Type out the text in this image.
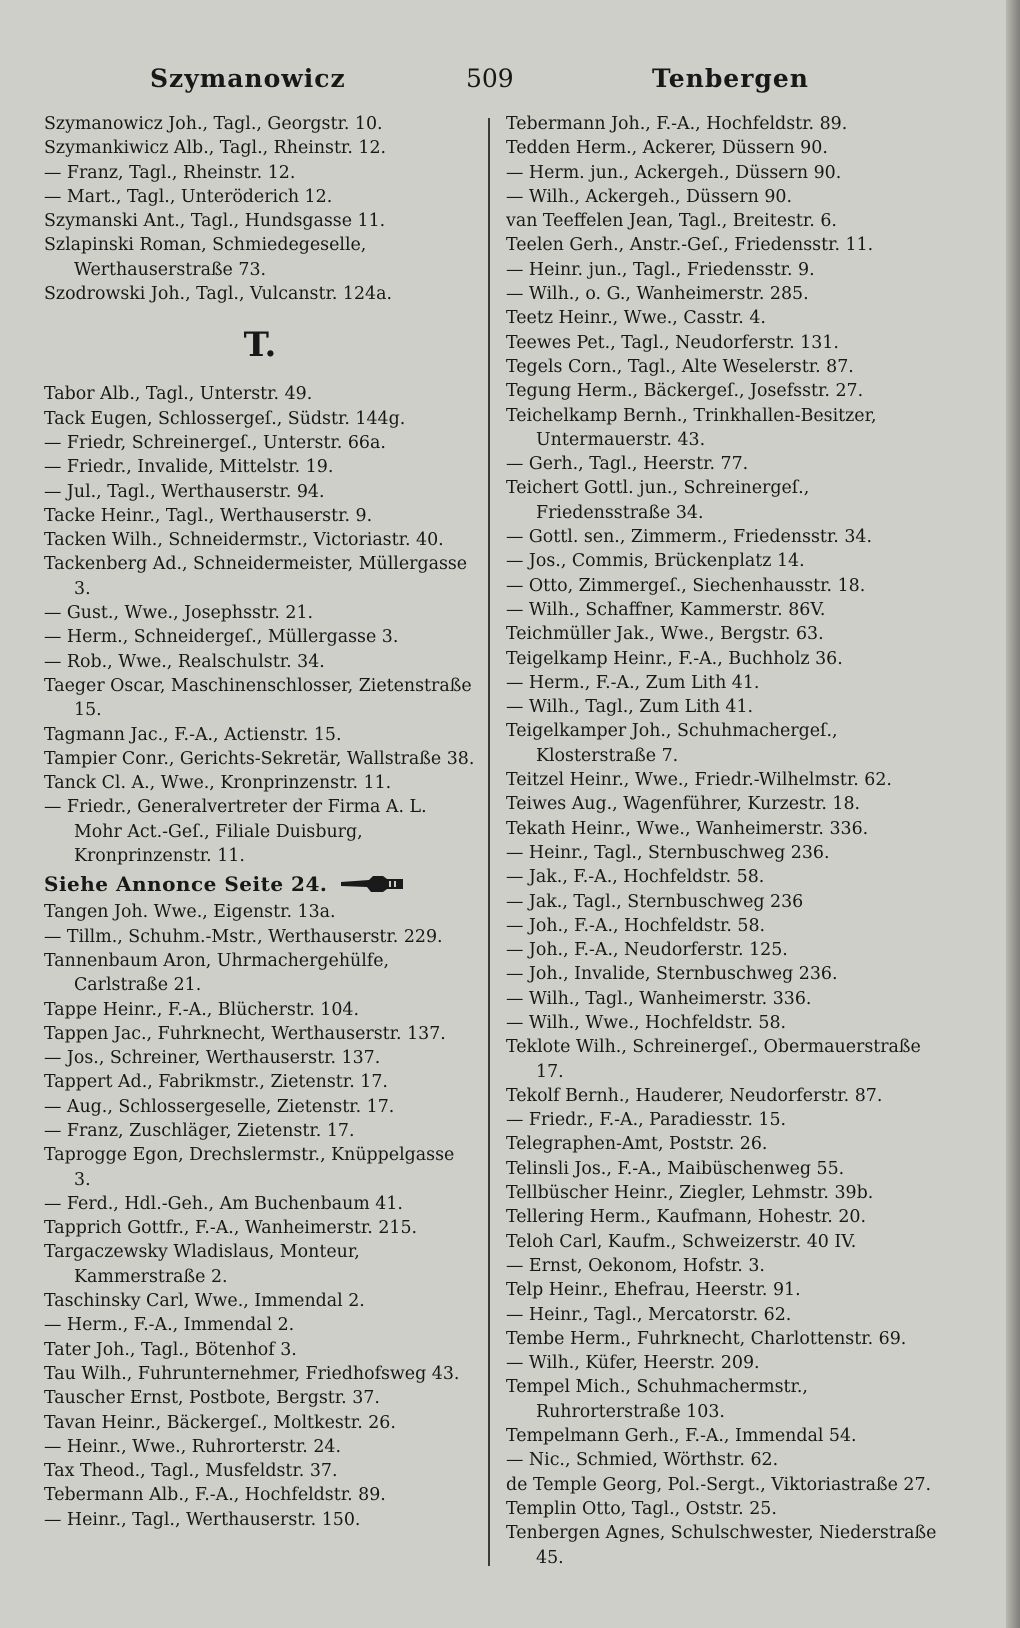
Szymanowicz	509	Tenbergen
Szymanowicz Joh., Tagl., Georgstr. 10.
Szymankiwicz Alb., Tagl., Rheinstr. 12.
— Franz, Tagl., Rheinstr. 12.
— Mart., Tagl., Unteröderich 12.
Szymanski Ant., Tagl., Hundsgasse 11.
Szlapinski Roman, Schmiedegeselle, Werthauserstraße 73.
Szodrowski Joh., Tagl., Vulcanstr. 124a.
T.
Tabor Alb., Tagl., Unterstr. 49.
Tack Eugen, Schlossergeſ., Südstr. 144g.
— Friedr, Schreinergeſ., Unterstr. 66a.
— Friedr., Invalide, Mittelstr. 19.
— Jul., Tagl., Werthauserstr. 94.
Tacke Heinr., Tagl., Werthauserstr. 9.
Tacken Wilh., Schneidermstr., Victoriastr. 40.
Tackenberg Ad., Schneidermeister, Müllergasse 3.
— Gust., Wwe., Josephsstr. 21.
— Herm., Schneidergeſ., Müllergasse 3.
— Rob., Wwe., Realschulstr. 34.
Taeger Oscar, Maschinenschlosser, Zietenstraße 15.
Tagmann Jac., F.-A., Actienstr. 15.
Tampier Conr., Gerichts-Sekretär, Wallstraße 38.
Tanck Cl. A., Wwe., Kronprinzenstr. 11.
— Friedr., Generalvertreter der Firma A. L. Mohr Act.-Geſ., Filiale Duisburg, Kronprinzenstr. 11.
Siehe Annonce Seite 24.
Tangen Joh. Wwe., Eigenstr. 13a.
— Tillm., Schuhm.-Mstr., Werthauserstr. 229.
Tannenbaum Aron, Uhrmachergehülfe, Carlstraße 21.
Tappe Heinr., F.-A., Blücherstr. 104.
Tappen Jac., Fuhrknecht, Werthauserstr. 137.
— Jos., Schreiner, Werthauserstr. 137.
Tappert Ad., Fabrikmstr., Zietenstr. 17.
— Aug., Schlossergeselle, Zietenstr. 17.
— Franz, Zuschläger, Zietenstr. 17.
Taprogge Egon, Drechslermstr., Knüppelgasse 3.
— Ferd., Hdl.-Geh., Am Buchenbaum 41.
Tapprich Gottfr., F.-A., Wanheimerstr. 215.
Targaczewsky Wladislaus, Monteur, Kammerstraße 2.
Taschinsky Carl, Wwe., Immendal 2.
— Herm., F.-A., Immendal 2.
Tater Joh., Tagl., Bötenhof 3.
Tau Wilh., Fuhrunternehmer, Friedhofsweg 43.
Tauscher Ernst, Postbote, Bergstr. 37.
Tavan Heinr., Bäckergeſ., Moltkestr. 26.
— Heinr., Wwe., Ruhrorterstr. 24.
Tax Theod., Tagl., Musfeldstr. 37.
Tebermann Alb., F.-A., Hochfeldstr. 89.
— Heinr., Tagl., Werthauserstr. 150.
Tebermann Joh., F.-A., Hochfeldstr. 89.
Tedden Herm., Ackerer, Düssern 90.
— Herm. jun., Ackergeh., Düssern 90.
— Wilh., Ackergeh., Düssern 90.
van Teeffelen Jean, Tagl., Breitestr. 6.
Teelen Gerh., Anstr.-Geſ., Friedensstr. 11.
— Heinr. jun., Tagl., Friedensstr. 9.
— Wilh., o. G., Wanheimerstr. 285.
Teetz Heinr., Wwe., Casstr. 4.
Teewes Pet., Tagl., Neudorferstr. 131.
Tegels Corn., Tagl., Alte Weselerstr. 87.
Tegung Herm., Bäckergeſ., Josefsstr. 27.
Teichelkamp Bernh., Trinkhallen-Besitzer, Untermauerstr. 43.
— Gerh., Tagl., Heerstr. 77.
Teichert Gottl. jun., Schreinergeſ., Friedensstraße 34.
— Gottl. sen., Zimmerm., Friedensstr. 34.
— Jos., Commis, Brückenplatz 14.
— Otto, Zimmergeſ., Siechenhausstr. 18.
— Wilh., Schaffner, Kammerstr. 86V.
Teichmüller Jak., Wwe., Bergstr. 63.
Teigelkamp Heinr., F.-A., Buchholz 36.
— Herm., F.-A., Zum Lith 41.
— Wilh., Tagl., Zum Lith 41.
Teigelkamper Joh., Schuhmachergeſ., Klosterstraße 7.
Teitzel Heinr., Wwe., Friedr.-Wilhelmstr. 62.
Teiwes Aug., Wagenführer, Kurzestr. 18.
Tekath Heinr., Wwe., Wanheimerstr. 336.
— Heinr., Tagl., Sternbuschweg 236.
— Jak., F.-A., Hochfeldstr. 58.
— Jak., Tagl., Sternbuschweg 236
— Joh., F.-A., Hochfeldstr. 58.
— Joh., F.-A., Neudorferstr. 125.
— Joh., Invalide, Sternbuschweg 236.
— Wilh., Tagl., Wanheimerstr. 336.
— Wilh., Wwe., Hochfeldstr. 58.
Teklote Wilh., Schreinergeſ., Obermauerstraße 17.
Tekolf Bernh., Hauderer, Neudorferstr. 87.
— Friedr., F.-A., Paradiesstr. 15.
Telegraphen-Amt, Poststr. 26.
Telinsli Jos., F.-A., Maibüschenweg 55.
Tellbüscher Heinr., Ziegler, Lehmstr. 39b.
Tellering Herm., Kaufmann, Hohestr. 20.
Teloh Carl, Kaufm., Schweizerstr. 40 IV.
— Ernst, Oekonom, Hofstr. 3.
Telp Heinr., Ehefrau, Heerstr. 91.
— Heinr., Tagl., Mercatorstr. 62.
Tembe Herm., Fuhrknecht, Charlottenstr. 69.
— Wilh., Küfer, Heerstr. 209.
Tempel Mich., Schuhmachermstr., Ruhrorterstraße 103.
Tempelmann Gerh., F.-A., Immendal 54.
— Nic., Schmied, Wörthstr. 62.
de Temple Georg, Pol.-Sergt., Viktoriastraße 27.
Templin Otto, Tagl., Oststr. 25.
Tenbergen Agnes, Schulschwester, Niederstraße 45.
